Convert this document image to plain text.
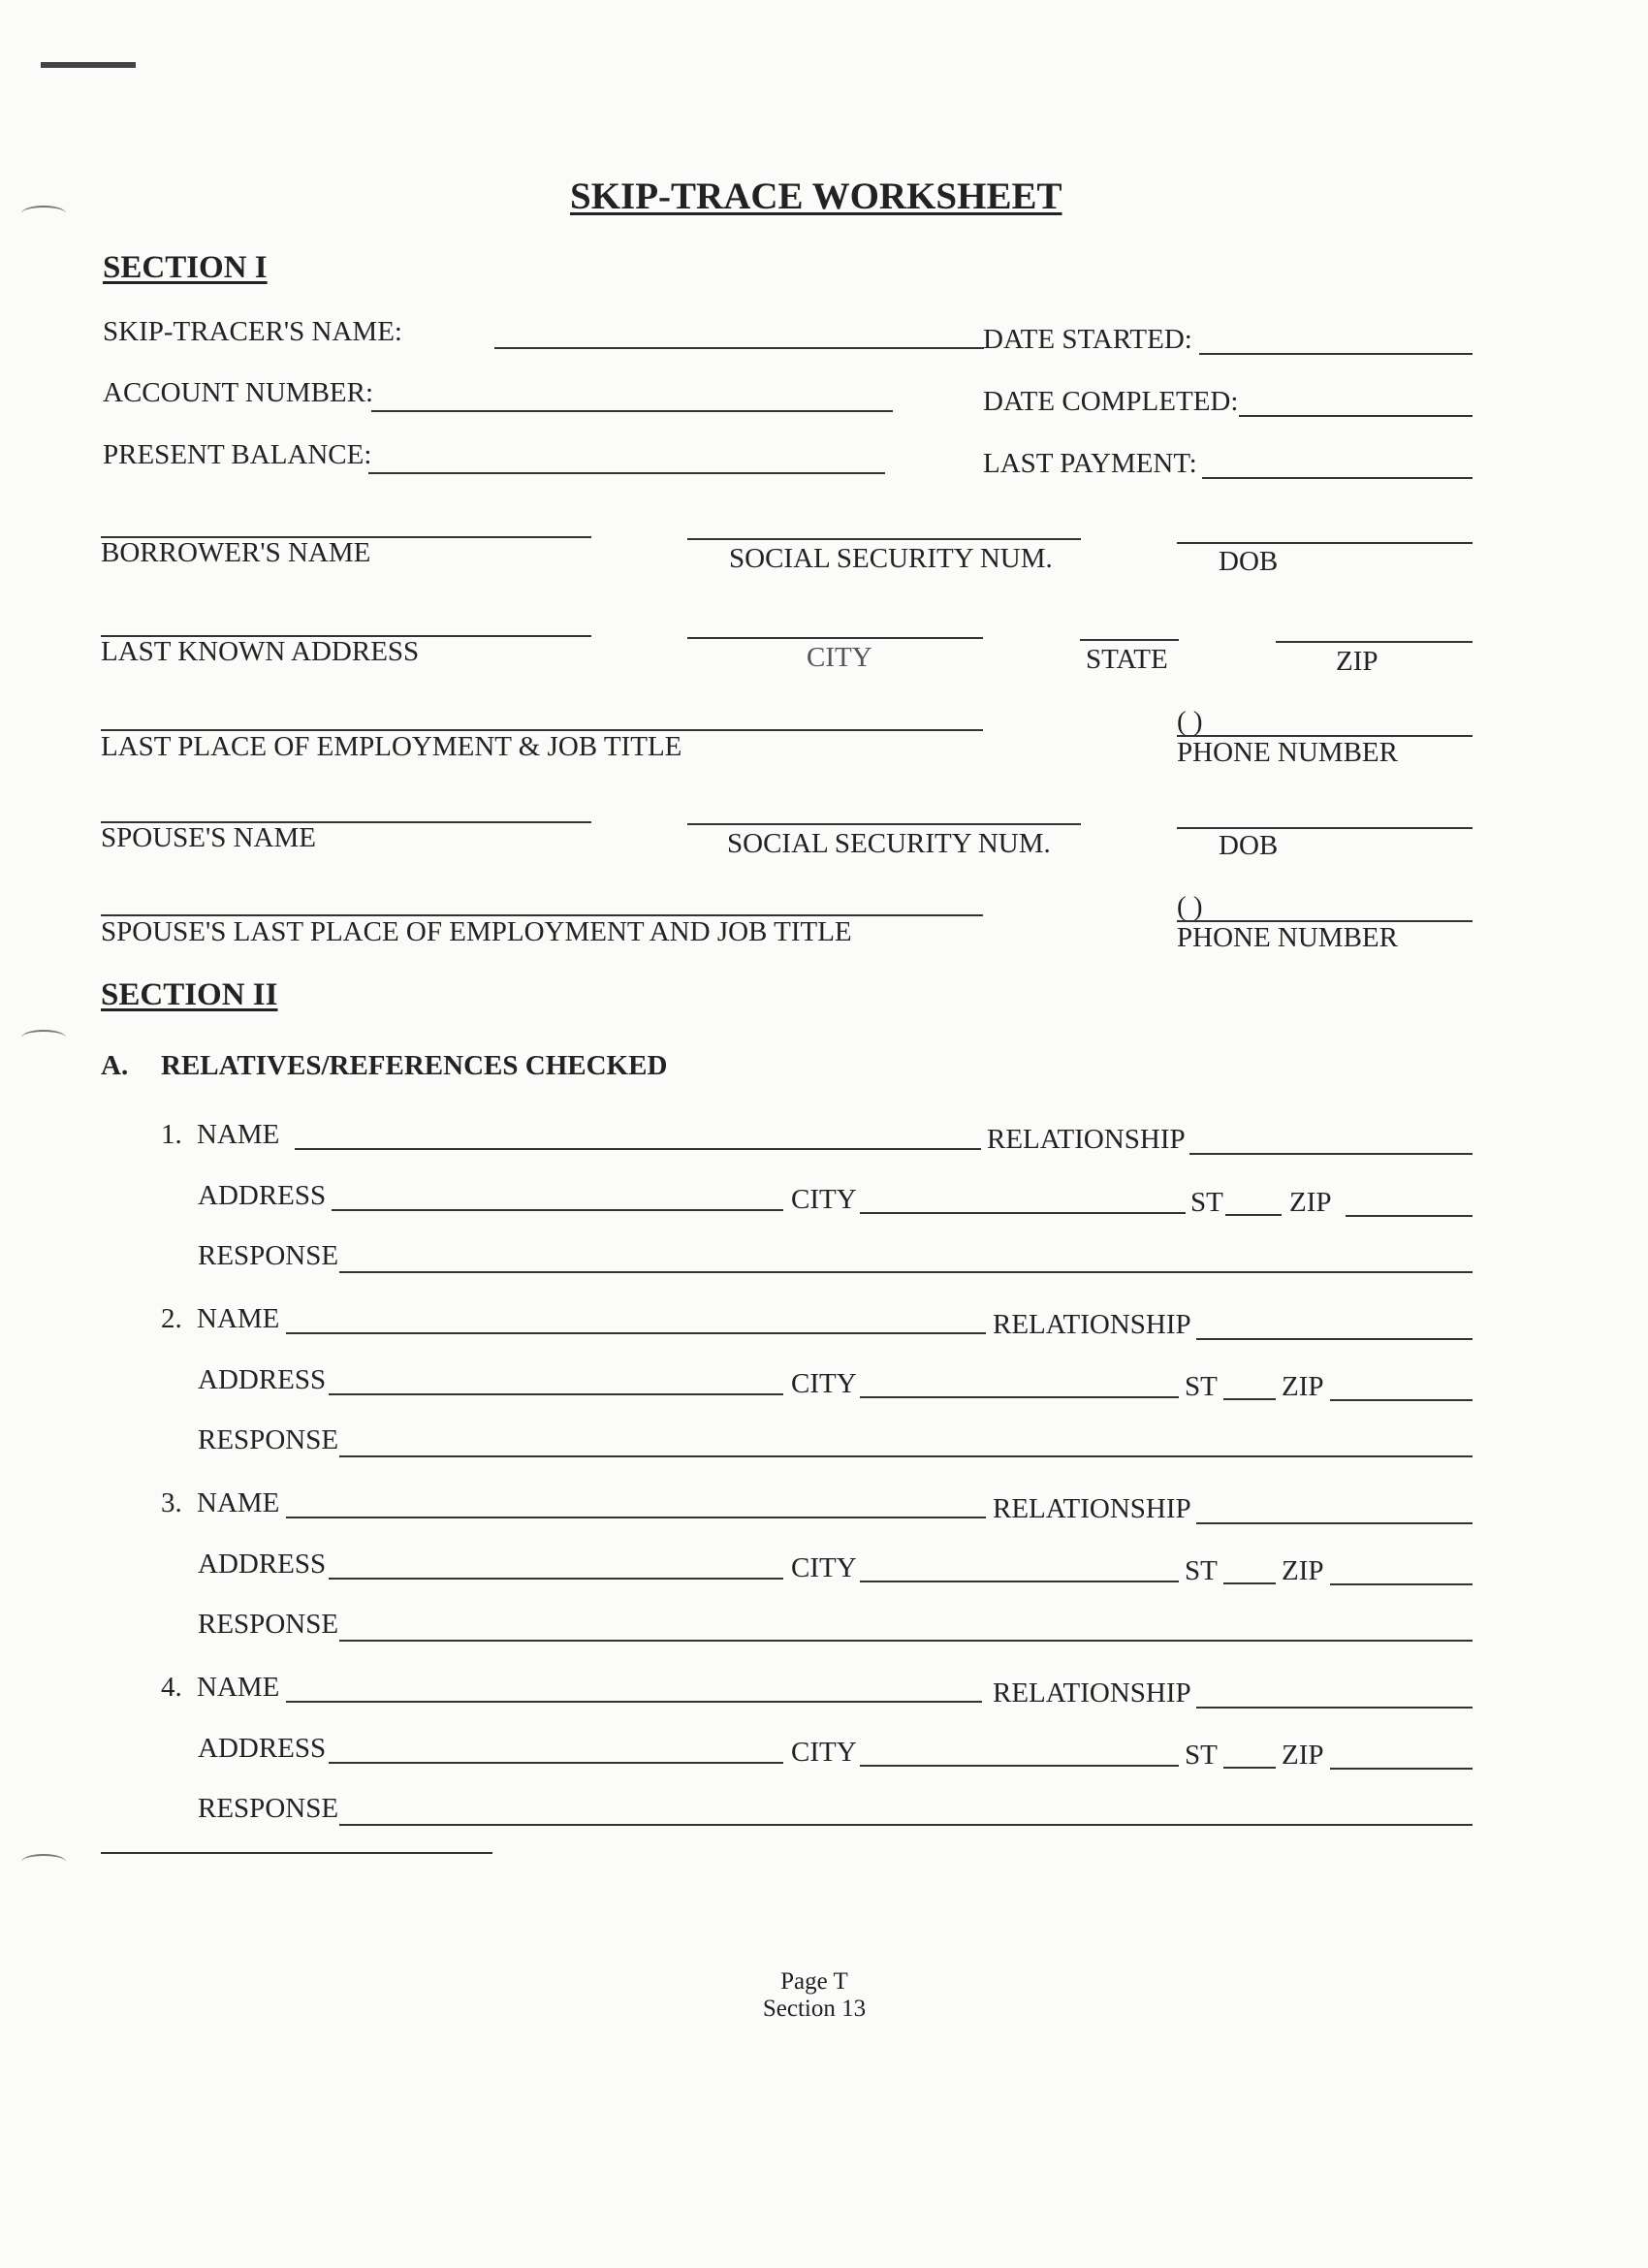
SKIP-TRACE WORKSHEET
SECTION I
SKIP-TRACER'S NAME:	DATE STARTED:
ACCOUNT NUMBER:	DATE COMPLETED:
PRESENT BALANCE:	LAST PAYMENT:
BORROWER'S NAME	SOCIAL SECURITY NUM.	DOB
LAST KNOWN ADDRESS	CITY	STATE	ZIP
( )
LAST PLACE OF EMPLOYMENT & JOB TITLE	PHONE NUMBER
SPOUSE'S NAME	SOCIAL SECURITY NUM.	DOB
( )
SPOUSE'S LAST PLACE OF EMPLOYMENT AND JOB TITLE	PHONE NUMBER
SECTION II
A. RELATIVES/REFERENCES CHECKED
1. NAME	RELATIONSHIP
ADDRESS	CITY	ST ZIP
RESPONSE
2. NAME	RELATIONSHIP
ADDRESS	CITY	ST ZIP
RESPONSE
3. NAME	RELATIONSHIP
ADDRESS	CITY	ST ZIP
RESPONSE
4. NAME	RELATIONSHIP
ADDRESS	CITY	ST ZIP
RESPONSE
Page T
Section 13
